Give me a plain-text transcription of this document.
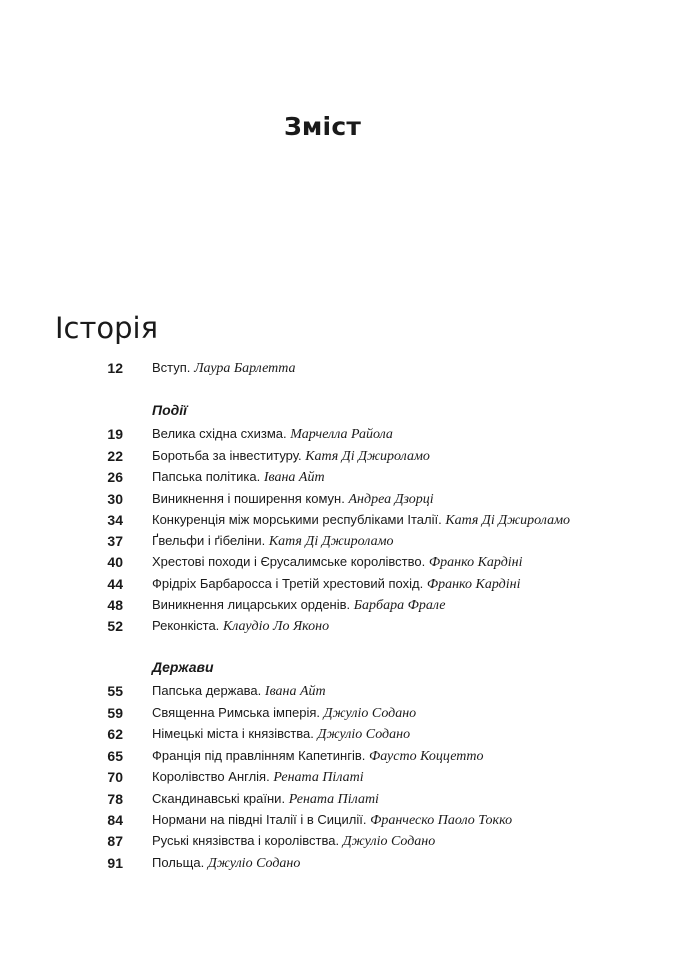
Зміст
Історія
12 Вступ. Лаура Барлетта
Події
19 Велика східна схизма. Марчелла Райола
22 Боротьба за інвеституру. Катя Ді Джироламо
26 Папська політика. Івана Айт
30 Виникнення і поширення комун. Андреа Дзорці
34 Конкуренція між морськими республіками Італії. Катя Ді Джироламо
37 Ґвельфи і ґібеліни. Катя Ді Джироламо
40 Хрестові походи і Єрусалимське королівство. Франко Кардіні
44 Фрідріх Барбаросса і Третій хрестовий похід. Франко Кардіні
48 Виникнення лицарських орденів. Барбара Фрале
52 Реконкіста. Клаудіо Ло Яконо
Держави
55 Папська держава. Івана Айт
59 Священна Римська імперія. Джуліо Содано
62 Німецькі міста і князівства. Джуліо Содано
65 Франція під правлінням Капетингів. Фаусто Коццетто
70 Королівство Англія. Рената Пілаті
78 Скандинавські країни. Рената Пілаті
84 Нормани на півдні Італії і в Сицилії. Франческо Паоло Токко
87 Руські князівства і королівства. Джуліо Содано
91 Польща. Джуліо Содано
